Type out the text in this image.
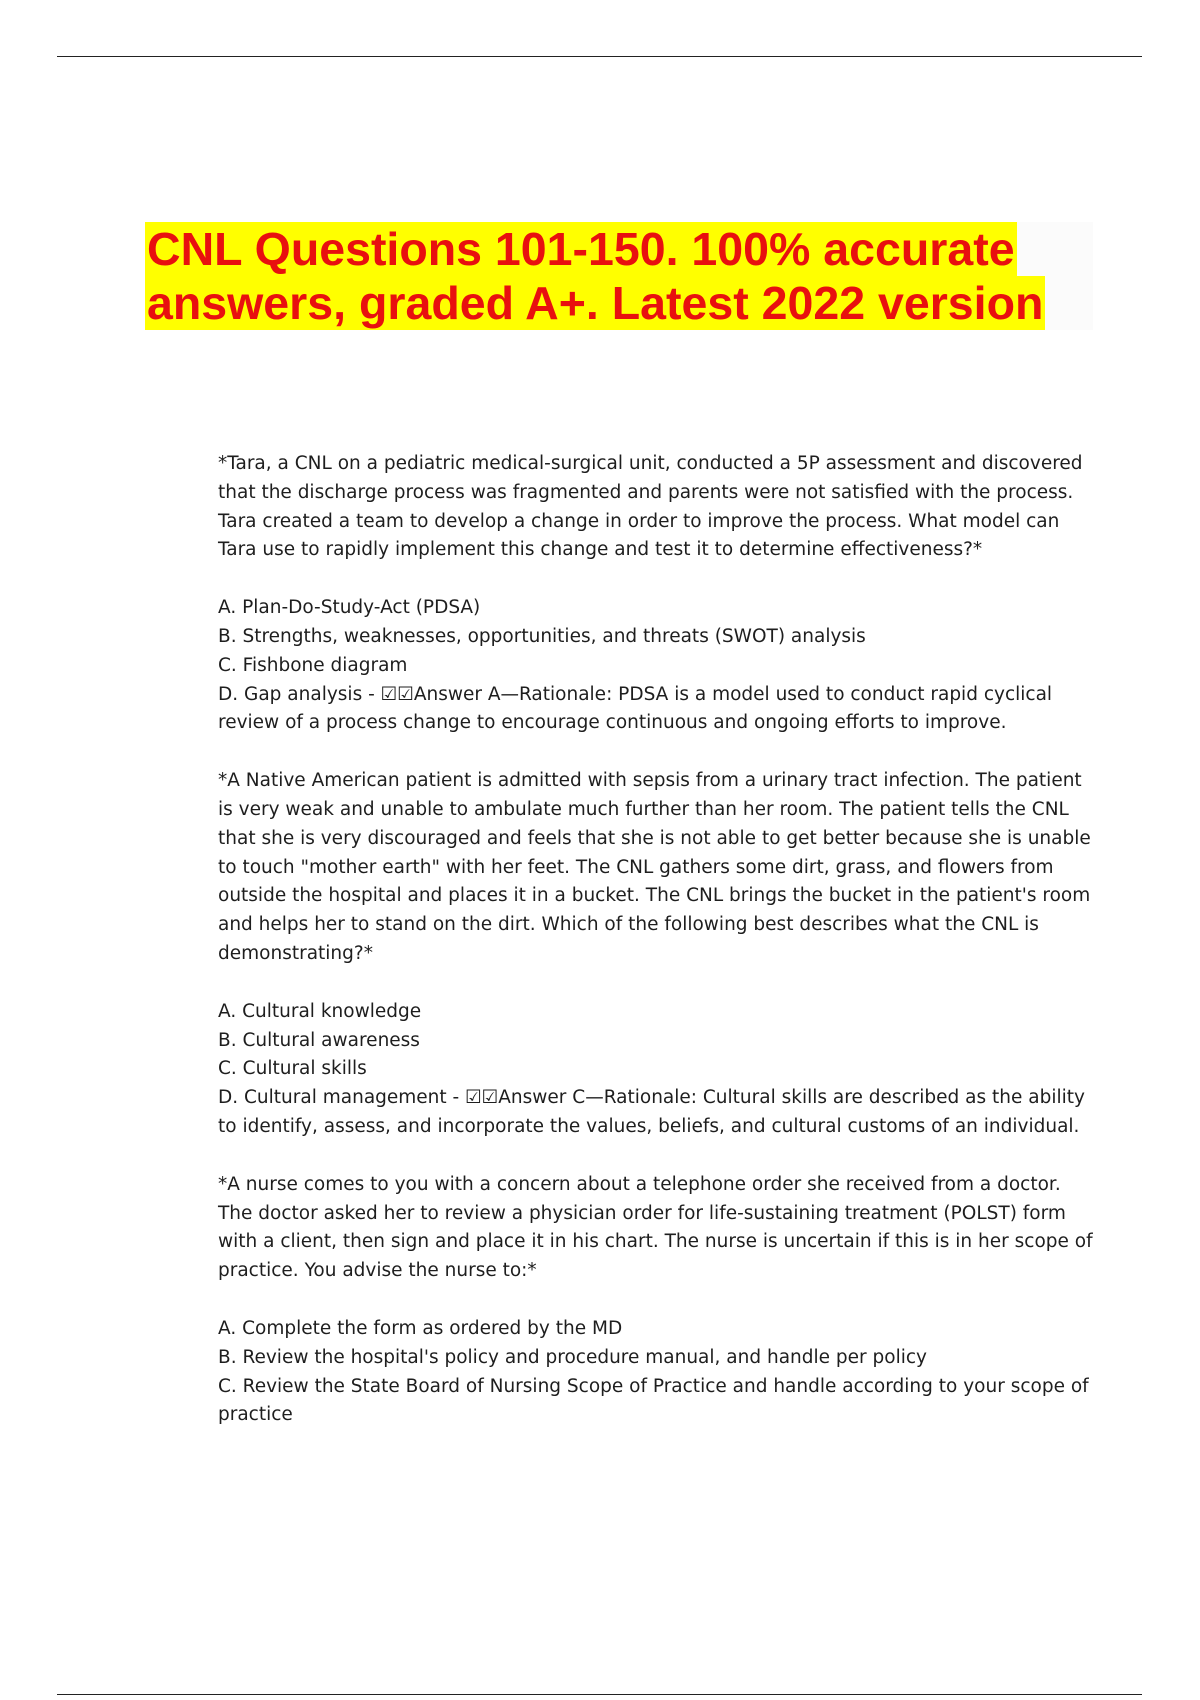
CNL Questions 101-150. 100% accurate
answers, graded A+. Latest 2022 version

*Tara, a CNL on a pediatric medical-surgical unit, conducted a 5P assessment and discovered that the discharge process was fragmented and parents were not satisfied with the process. Tara created a team to develop a change in order to improve the process. What model can Tara use to rapidly implement this change and test it to determine effectiveness?*

A. Plan-Do-Study-Act (PDSA)
B. Strengths, weaknesses, opportunities, and threats (SWOT) analysis
C. Fishbone diagram
D. Gap analysis - ☑☑Answer A—Rationale: PDSA is a model used to conduct rapid cyclical review of a process change to encourage continuous and ongoing efforts to improve.

*A Native American patient is admitted with sepsis from a urinary tract infection. The patient is very weak and unable to ambulate much further than her room. The patient tells the CNL that she is very discouraged and feels that she is not able to get better because she is unable to touch "mother earth" with her feet. The CNL gathers some dirt, grass, and flowers from outside the hospital and places it in a bucket. The CNL brings the bucket in the patient's room and helps her to stand on the dirt. Which of the following best describes what the CNL is demonstrating?*

A. Cultural knowledge
B. Cultural awareness
C. Cultural skills
D. Cultural management - ☑☑Answer C—Rationale: Cultural skills are described as the ability to identify, assess, and incorporate the values, beliefs, and cultural customs of an individual.

*A nurse comes to you with a concern about a telephone order she received from a doctor. The doctor asked her to review a physician order for life-sustaining treatment (POLST) form with a client, then sign and place it in his chart. The nurse is uncertain if this is in her scope of practice. You advise the nurse to:*

A. Complete the form as ordered by the MD
B. Review the hospital's policy and procedure manual, and handle per policy
C. Review the State Board of Nursing Scope of Practice and handle according to your scope of practice
